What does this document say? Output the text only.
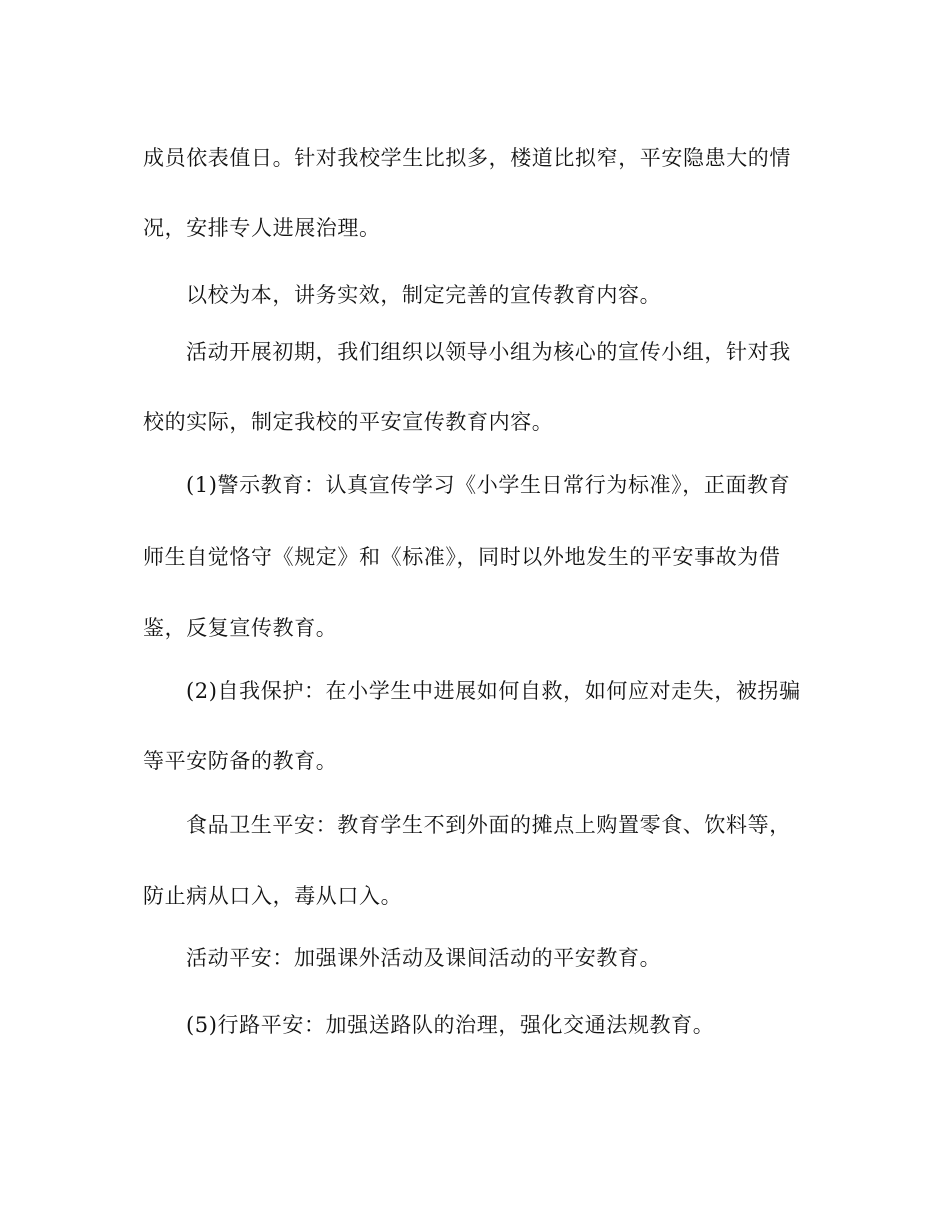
成员依表值日。针对我校学生比拟多，楼道比拟窄，平安隐患大的情
况，安排专人进展治理。
以校为本，讲务实效，制定完善的宣传教育内容。
活动开展初期，我们组织以领导小组为核心的宣传小组，针对我
校的实际，制定我校的平安宣传教育内容。
(1)警示教育：认真宣传学习《小学生日常行为标准》，正面教育
师生自觉恪守《规定》和《标准》，同时以外地发生的平安事故为借
鉴，反复宣传教育。
(2)自我保护：在小学生中进展如何自救，如何应对走失，被拐骗
等平安防备的教育。
食品卫生平安：教育学生不到外面的摊点上购置零食、饮料等，
防止病从口入，毒从口入。
活动平安：加强课外活动及课间活动的平安教育。
(5)行路平安：加强送路队的治理，强化交通法规教育。
